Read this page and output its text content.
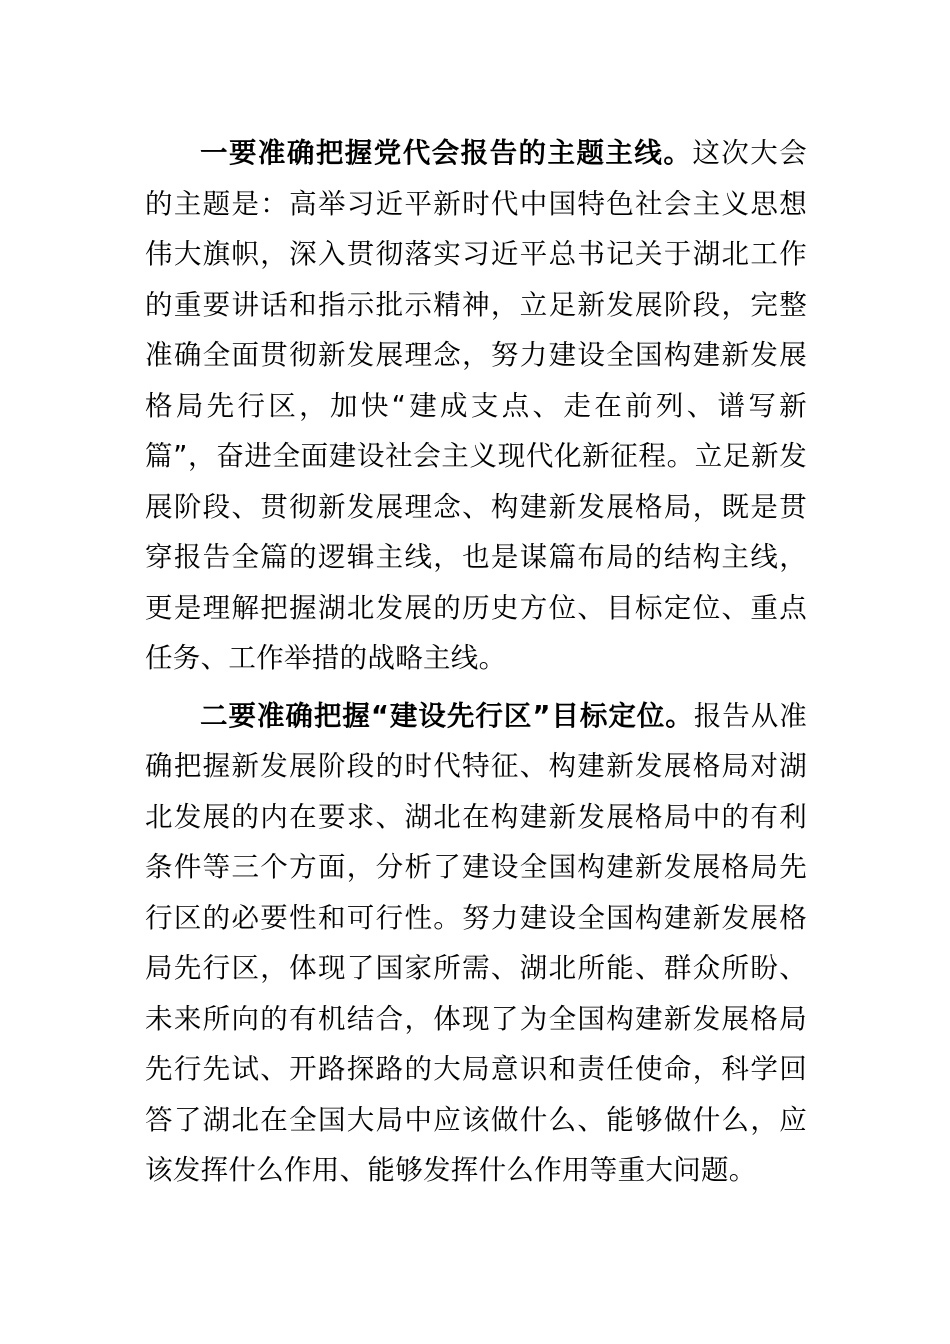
一要准确把握党代会报告的主题主线。这次大会的主题是：高举习近平新时代中国特色社会主义思想伟大旗帜，深入贯彻落实习近平总书记关于湖北工作的重要讲话和指示批示精神，立足新发展阶段，完整准确全面贯彻新发展理念，努力建设全国构建新发展格局先行区，加快“建成支点、走在前列、谱写新篇”，奋进全面建设社会主义现代化新征程。立足新发展阶段、贯彻新发展理念、构建新发展格局，既是贯穿报告全篇的逻辑主线，也是谋篇布局的结构主线，更是理解把握湖北发展的历史方位、目标定位、重点任务、工作举措的战略主线。

二要准确把握“建设先行区”目标定位。报告从准确把握新发展阶段的时代特征、构建新发展格局对湖北发展的内在要求、湖北在构建新发展格局中的有利条件等三个方面，分析了建设全国构建新发展格局先行区的必要性和可行性。努力建设全国构建新发展格局先行区，体现了国家所需、湖北所能、群众所盼、未来所向的有机结合，体现了为全国构建新发展格局先行先试、开路探路的大局意识和责任使命，科学回答了湖北在全国大局中应该做什么、能够做什么，应该发挥什么作用、能够发挥什么作用等重大问题。
